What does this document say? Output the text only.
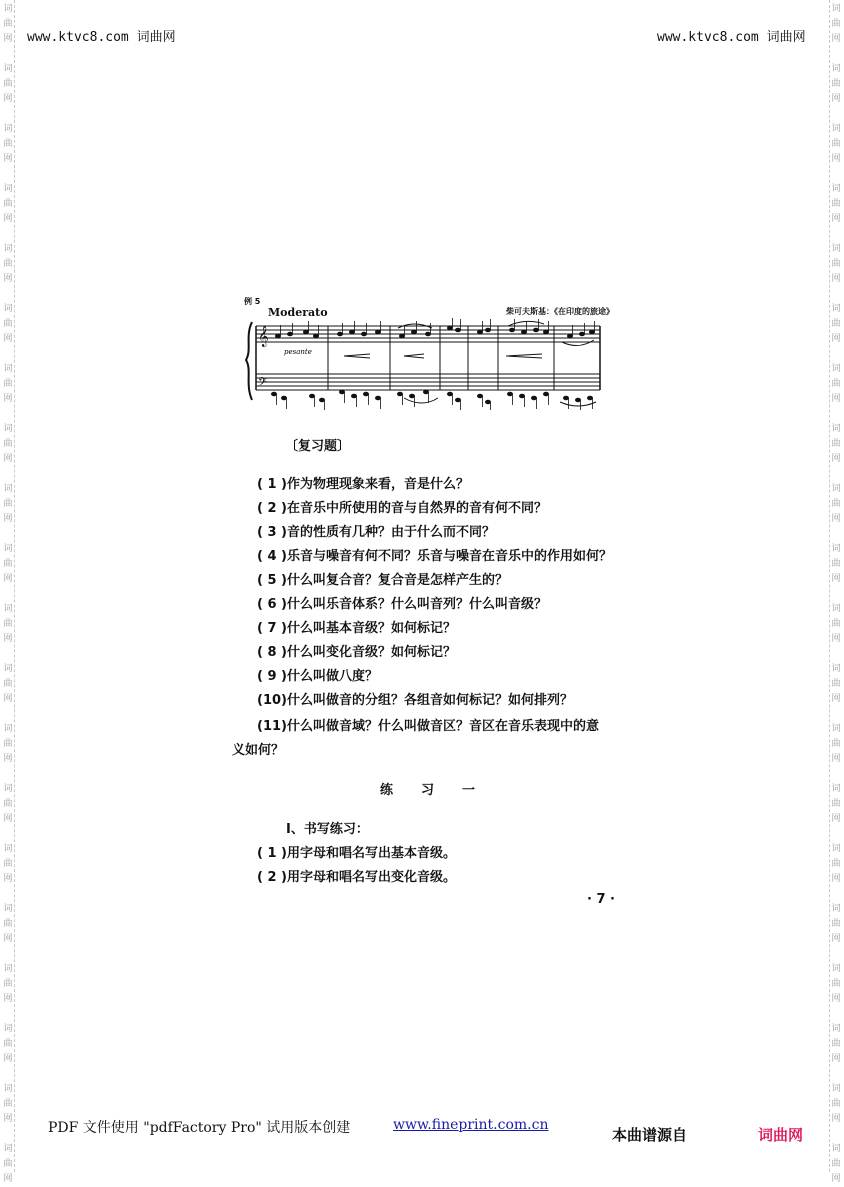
词
曲
网
词
曲
网
词
曲
网
词
曲
网
词
曲
网
词
曲
网
词
曲
网
词
曲
网
词
曲
网
词
曲
网
词
曲
网
词
曲
网
词
曲
网
词
曲
网
词
曲
网
词
曲
网
词
曲
网
词
曲
网
词
曲
网
词
曲
网
词
曲
网
词
曲
网
词
曲
网
词
曲
网
词
曲
网
词
曲
网
词
曲
网
词
曲
网
词
曲
网
词
曲
网
词
曲
网
词
曲
网
词
曲
网
词
曲
网
词
曲
网
词
曲
网
词
曲
网
词
曲
网
词
曲
网
词
曲
网
www.ktvc8.com 词曲网	www.ktvc8.com 词曲网
例 5
Moderato	柴可夫斯基：《在印度的旅途》
𝄞
𝄢
pesante
〔复习题〕
( 1 )作为物理现象来看，音是什么？
( 2 )在音乐中所使用的音与自然界的音有何不同？
( 3 )音的性质有几种？由于什么而不同？
( 4 )乐音与噪音有何不同？乐音与噪音在音乐中的作用如何？
( 5 )什么叫复合音？复合音是怎样产生的？
( 6 )什么叫乐音体系？什么叫音列？什么叫音级？
( 7 )什么叫基本音级？如何标记？
( 8 )什么叫变化音级？如何标记？
( 9 )什么叫做八度？
(10)什么叫做音的分组？各组音如何标记？如何排列？
(11)什么叫做音域？什么叫做音区？音区在音乐表现中的意
义如何？
练 习 一
Ⅰ、书写练习：
( 1 )用字母和唱名写出基本音级。
( 2 )用字母和唱名写出变化音级。
· 7 ·
PDF 文件使用 "pdfFactory Pro" 试用版本创建	www.fineprint.com.cn
本曲谱源自	词曲网
